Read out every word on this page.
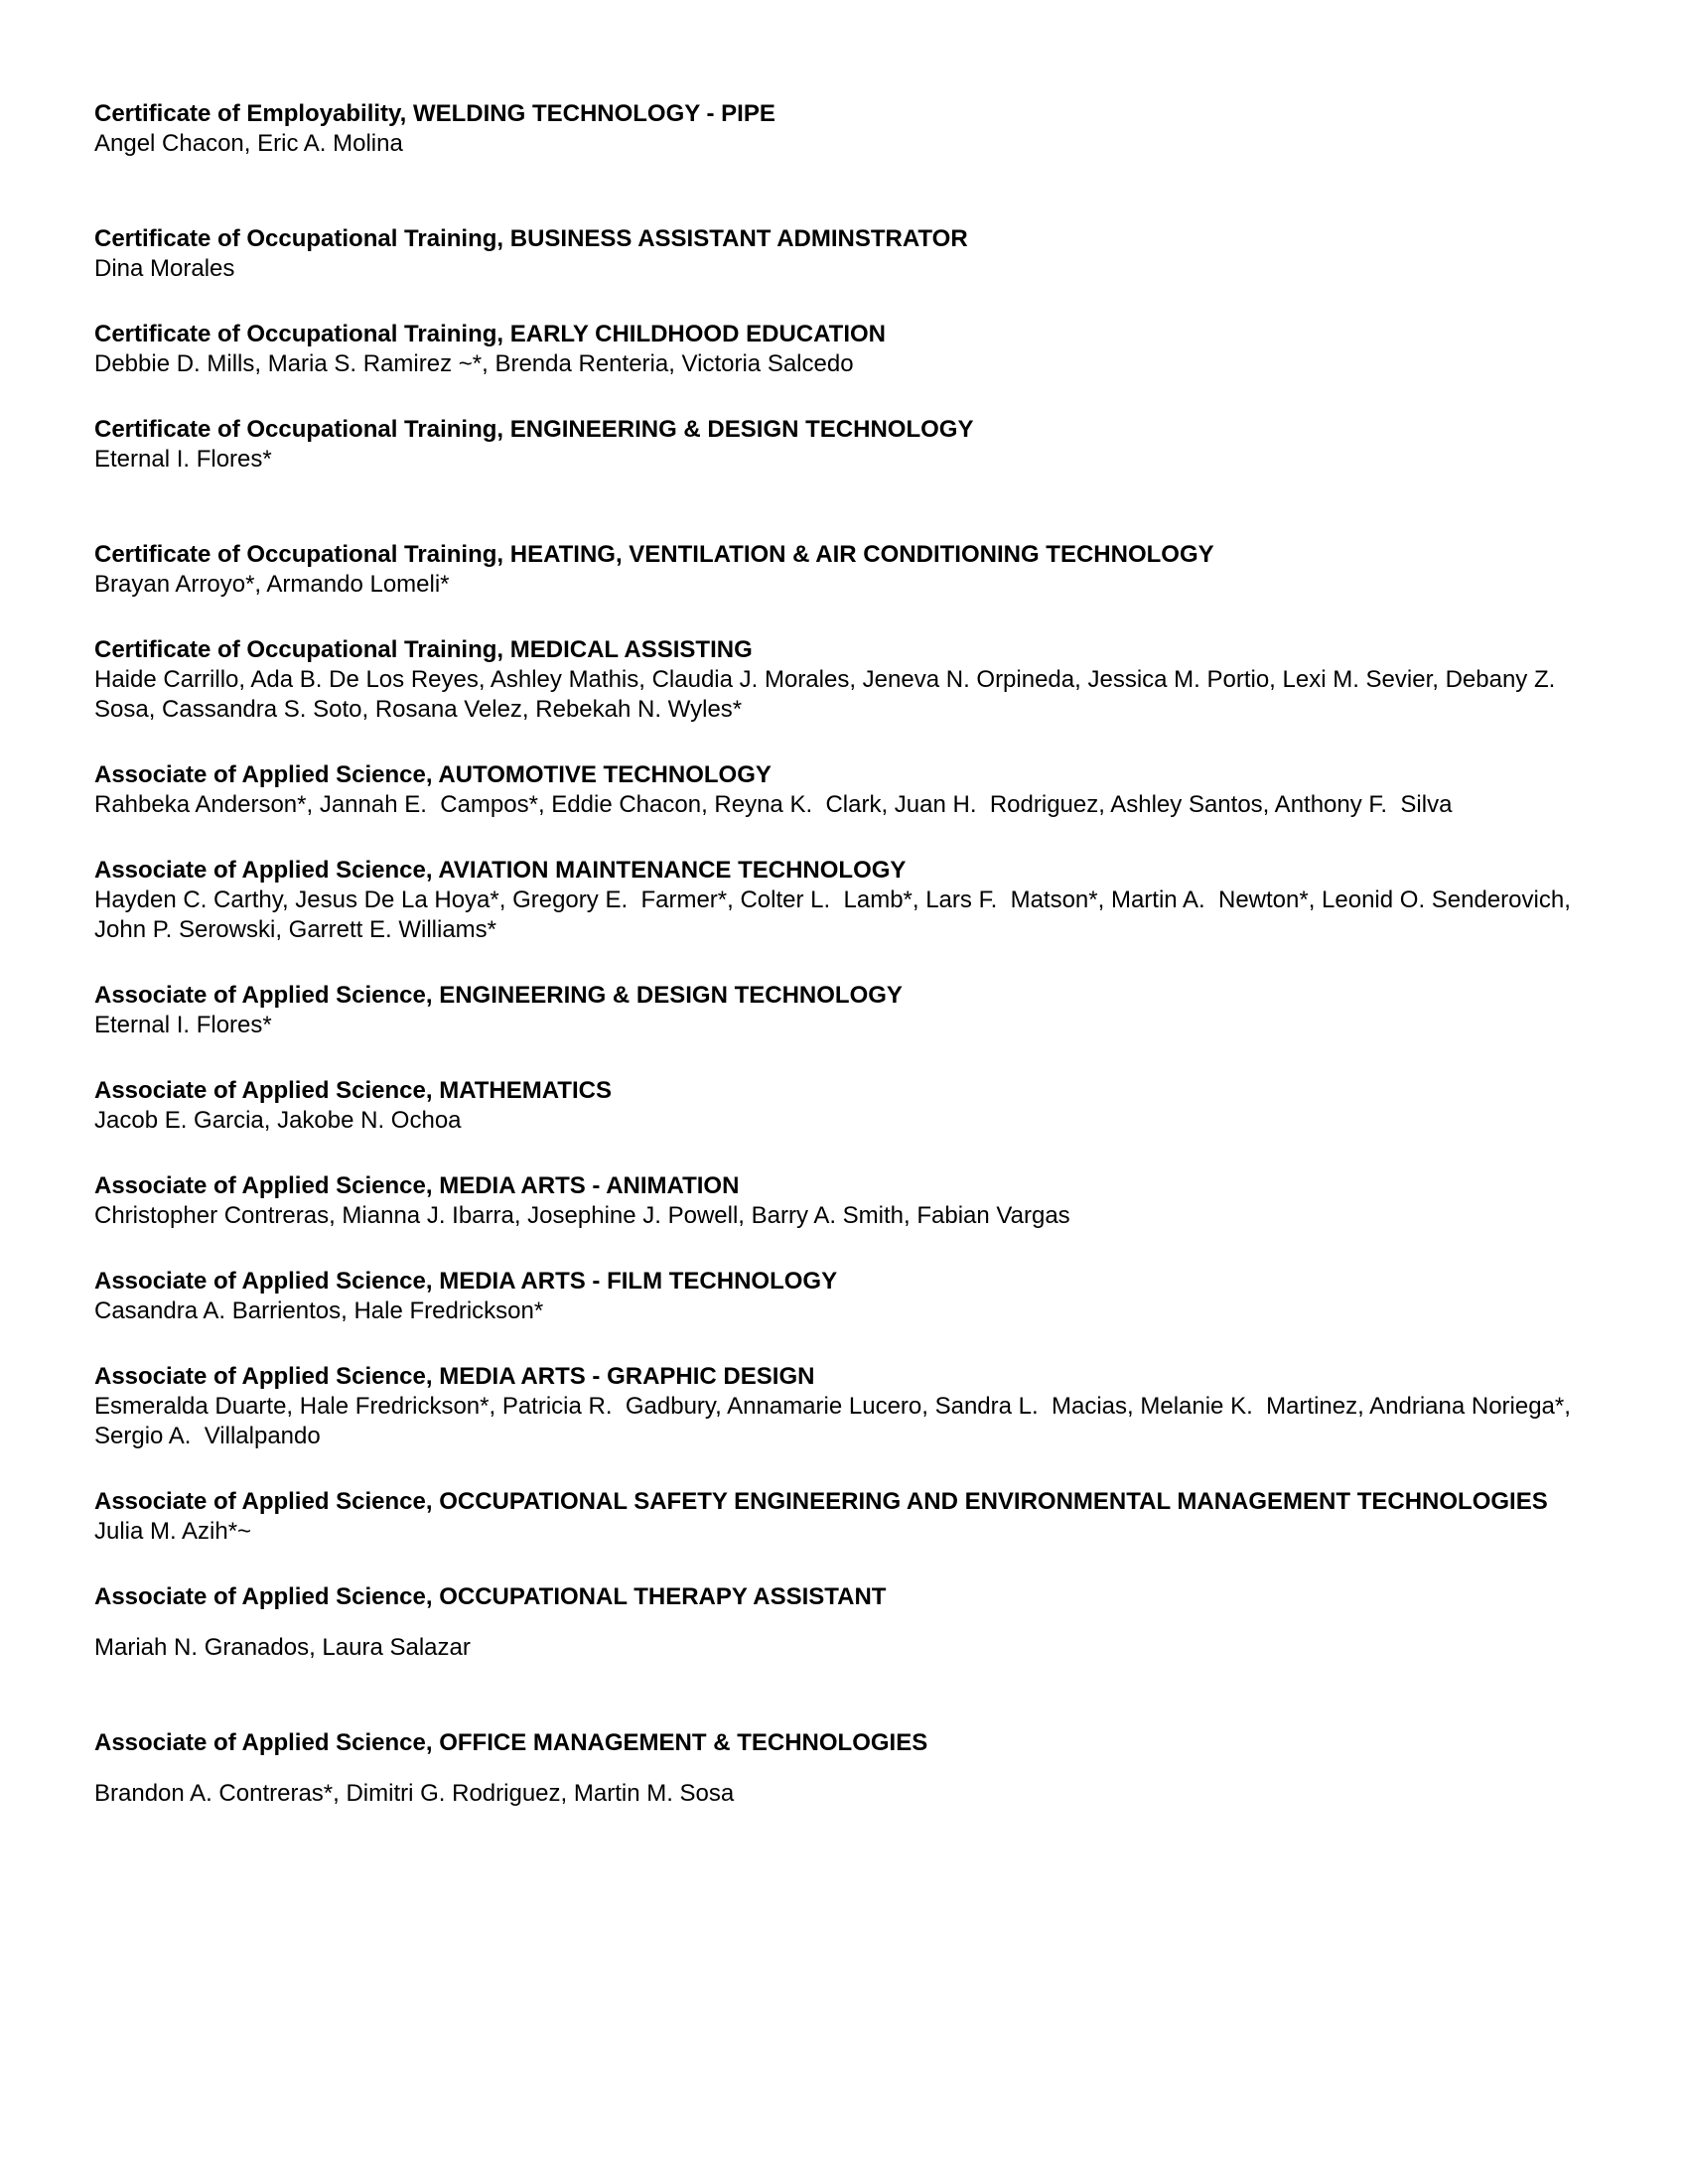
Certificate of Employability, WELDING TECHNOLOGY - PIPE
Angel Chacon, Eric A. Molina
Certificate of Occupational Training, BUSINESS ASSISTANT ADMINSTRATOR
Dina Morales
Certificate of Occupational Training, EARLY CHILDHOOD EDUCATION
Debbie D. Mills, Maria S. Ramirez ~*, Brenda Renteria, Victoria Salcedo
Certificate of Occupational Training, ENGINEERING & DESIGN TECHNOLOGY
Eternal I. Flores*
Certificate of Occupational Training, HEATING, VENTILATION & AIR CONDITIONING TECHNOLOGY
Brayan Arroyo*, Armando Lomeli*
Certificate of Occupational Training, MEDICAL ASSISTING
Haide Carrillo, Ada B. De Los Reyes, Ashley Mathis, Claudia J. Morales, Jeneva N. Orpineda, Jessica M. Portio, Lexi M. Sevier, Debany Z. Sosa, Cassandra S. Soto, Rosana Velez, Rebekah N. Wyles*
Associate of Applied Science, AUTOMOTIVE TECHNOLOGY
Rahbeka Anderson*, Jannah E.  Campos*, Eddie Chacon, Reyna K.  Clark, Juan H.  Rodriguez, Ashley Santos, Anthony F.  Silva
Associate of Applied Science, AVIATION MAINTENANCE TECHNOLOGY
Hayden C. Carthy, Jesus De La Hoya*, Gregory E.  Farmer*, Colter L.  Lamb*, Lars F.  Matson*, Martin A.  Newton*, Leonid O. Senderovich, John P. Serowski, Garrett E. Williams*
Associate of Applied Science, ENGINEERING & DESIGN TECHNOLOGY
Eternal I. Flores*
Associate of Applied Science, MATHEMATICS
Jacob E. Garcia, Jakobe N. Ochoa
Associate of Applied Science, MEDIA ARTS - ANIMATION
Christopher Contreras, Mianna J. Ibarra, Josephine J. Powell, Barry A. Smith, Fabian Vargas
Associate of Applied Science, MEDIA ARTS - FILM TECHNOLOGY
Casandra A. Barrientos, Hale Fredrickson*
Associate of Applied Science, MEDIA ARTS - GRAPHIC DESIGN
Esmeralda Duarte, Hale Fredrickson*, Patricia R.  Gadbury, Annamarie Lucero, Sandra L.  Macias, Melanie K.  Martinez, Andriana Noriega*, Sergio A.  Villalpando
Associate of Applied Science, OCCUPATIONAL SAFETY ENGINEERING AND ENVIRONMENTAL MANAGEMENT TECHNOLOGIES
Julia M. Azih*~
Associate of Applied Science, OCCUPATIONAL THERAPY ASSISTANT
Mariah N. Granados, Laura Salazar
Associate of Applied Science, OFFICE MANAGEMENT & TECHNOLOGIES
Brandon A. Contreras*, Dimitri G. Rodriguez, Martin M. Sosa
